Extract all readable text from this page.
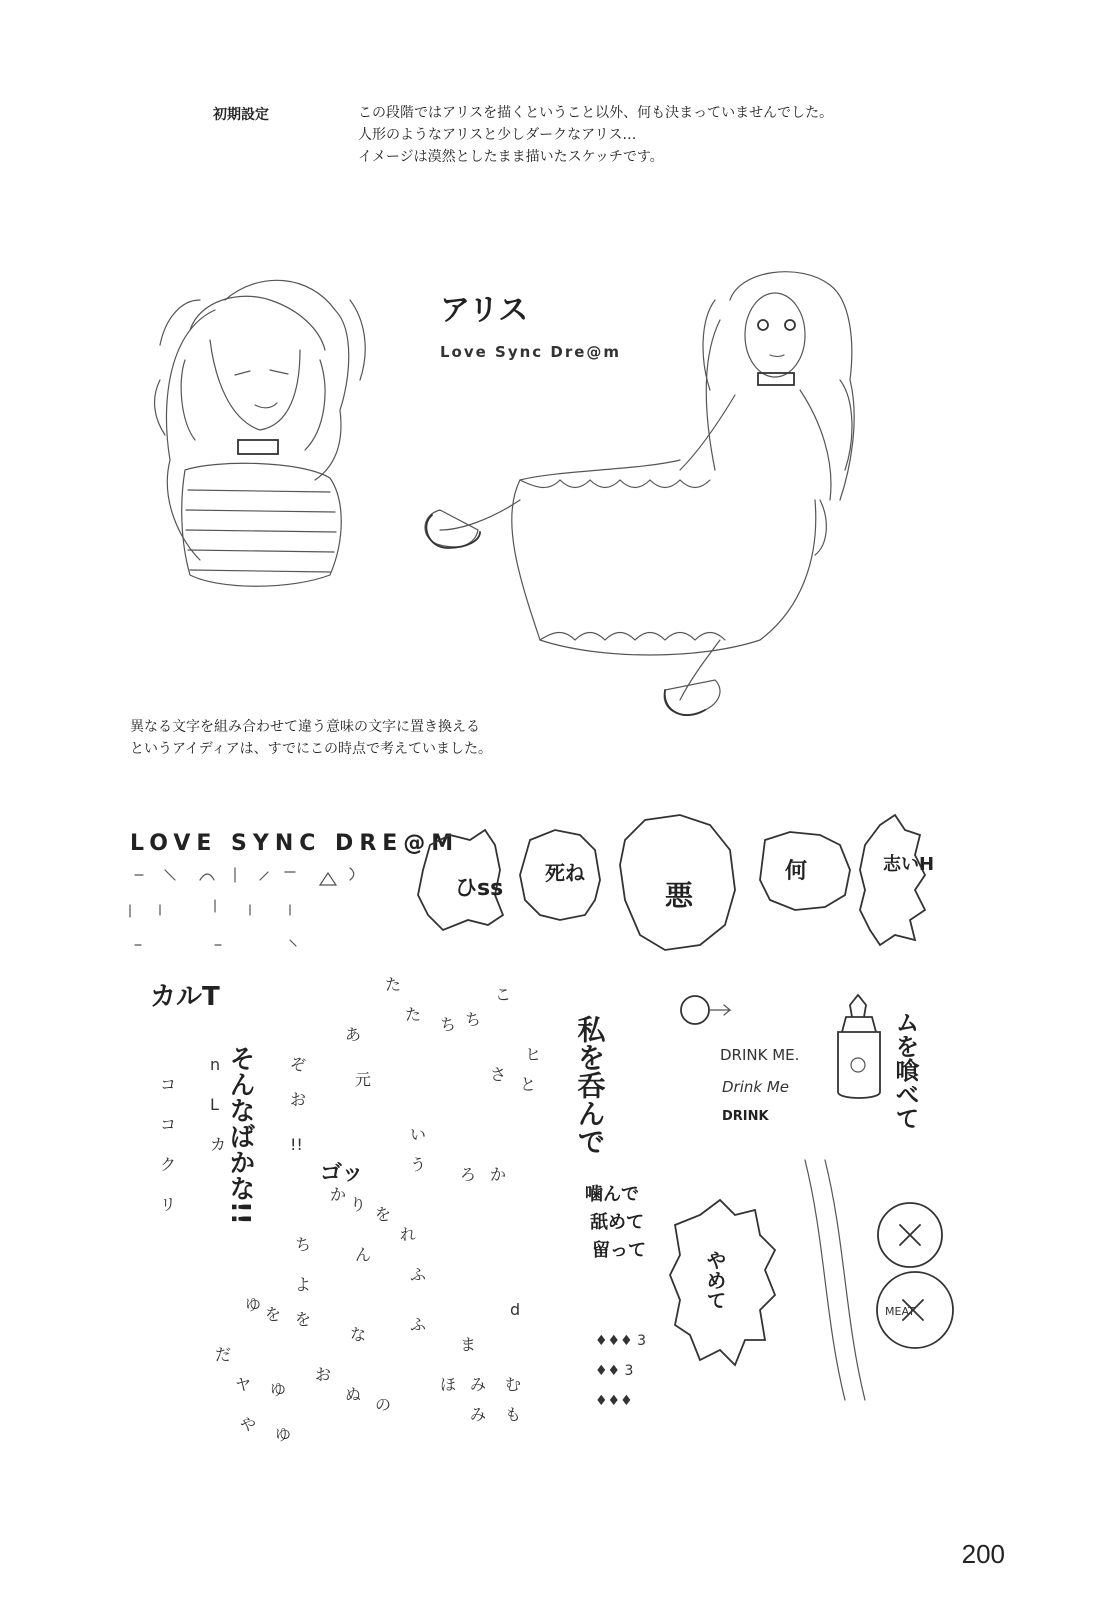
初期設定	この段階ではアリスを描くということ以外、何も決まっていませんでした。
人形のようなアリスと少しダークなアリス…
イメージは漠然としたまま描いたスケッチです。
アリス
Love Sync Dre@m
異なる文字を組み合わせて違う意味の文字に置き換える
というアイディアは、すでにこの時点で考えていました。
LOVE SYNC DRE@M
ひss
死ね
悪
何	志いH
カルT
そんなばかな!!
コ
コ
ク
リ
n
L
カ
ぞ
お
!!
あ
元
た
た
ち ち
こ
ヒ
さ
と
い
う
ろ か
か
り
を
れ
ち
よ
ん
ふ
ゆ
を を
な
ふ
ま
d
だ
ヤ ゆ
お
ぬ
の
ほ み む
や
ゆ
み も
ゴッ
私を呑んで	DRINK ME.
Drink Me
DRINK	ムを喰べて
噛んで
舐めて
留って
♦♦♦ 3
♦♦ 3
♦♦♦
やめて
MEAT
200
